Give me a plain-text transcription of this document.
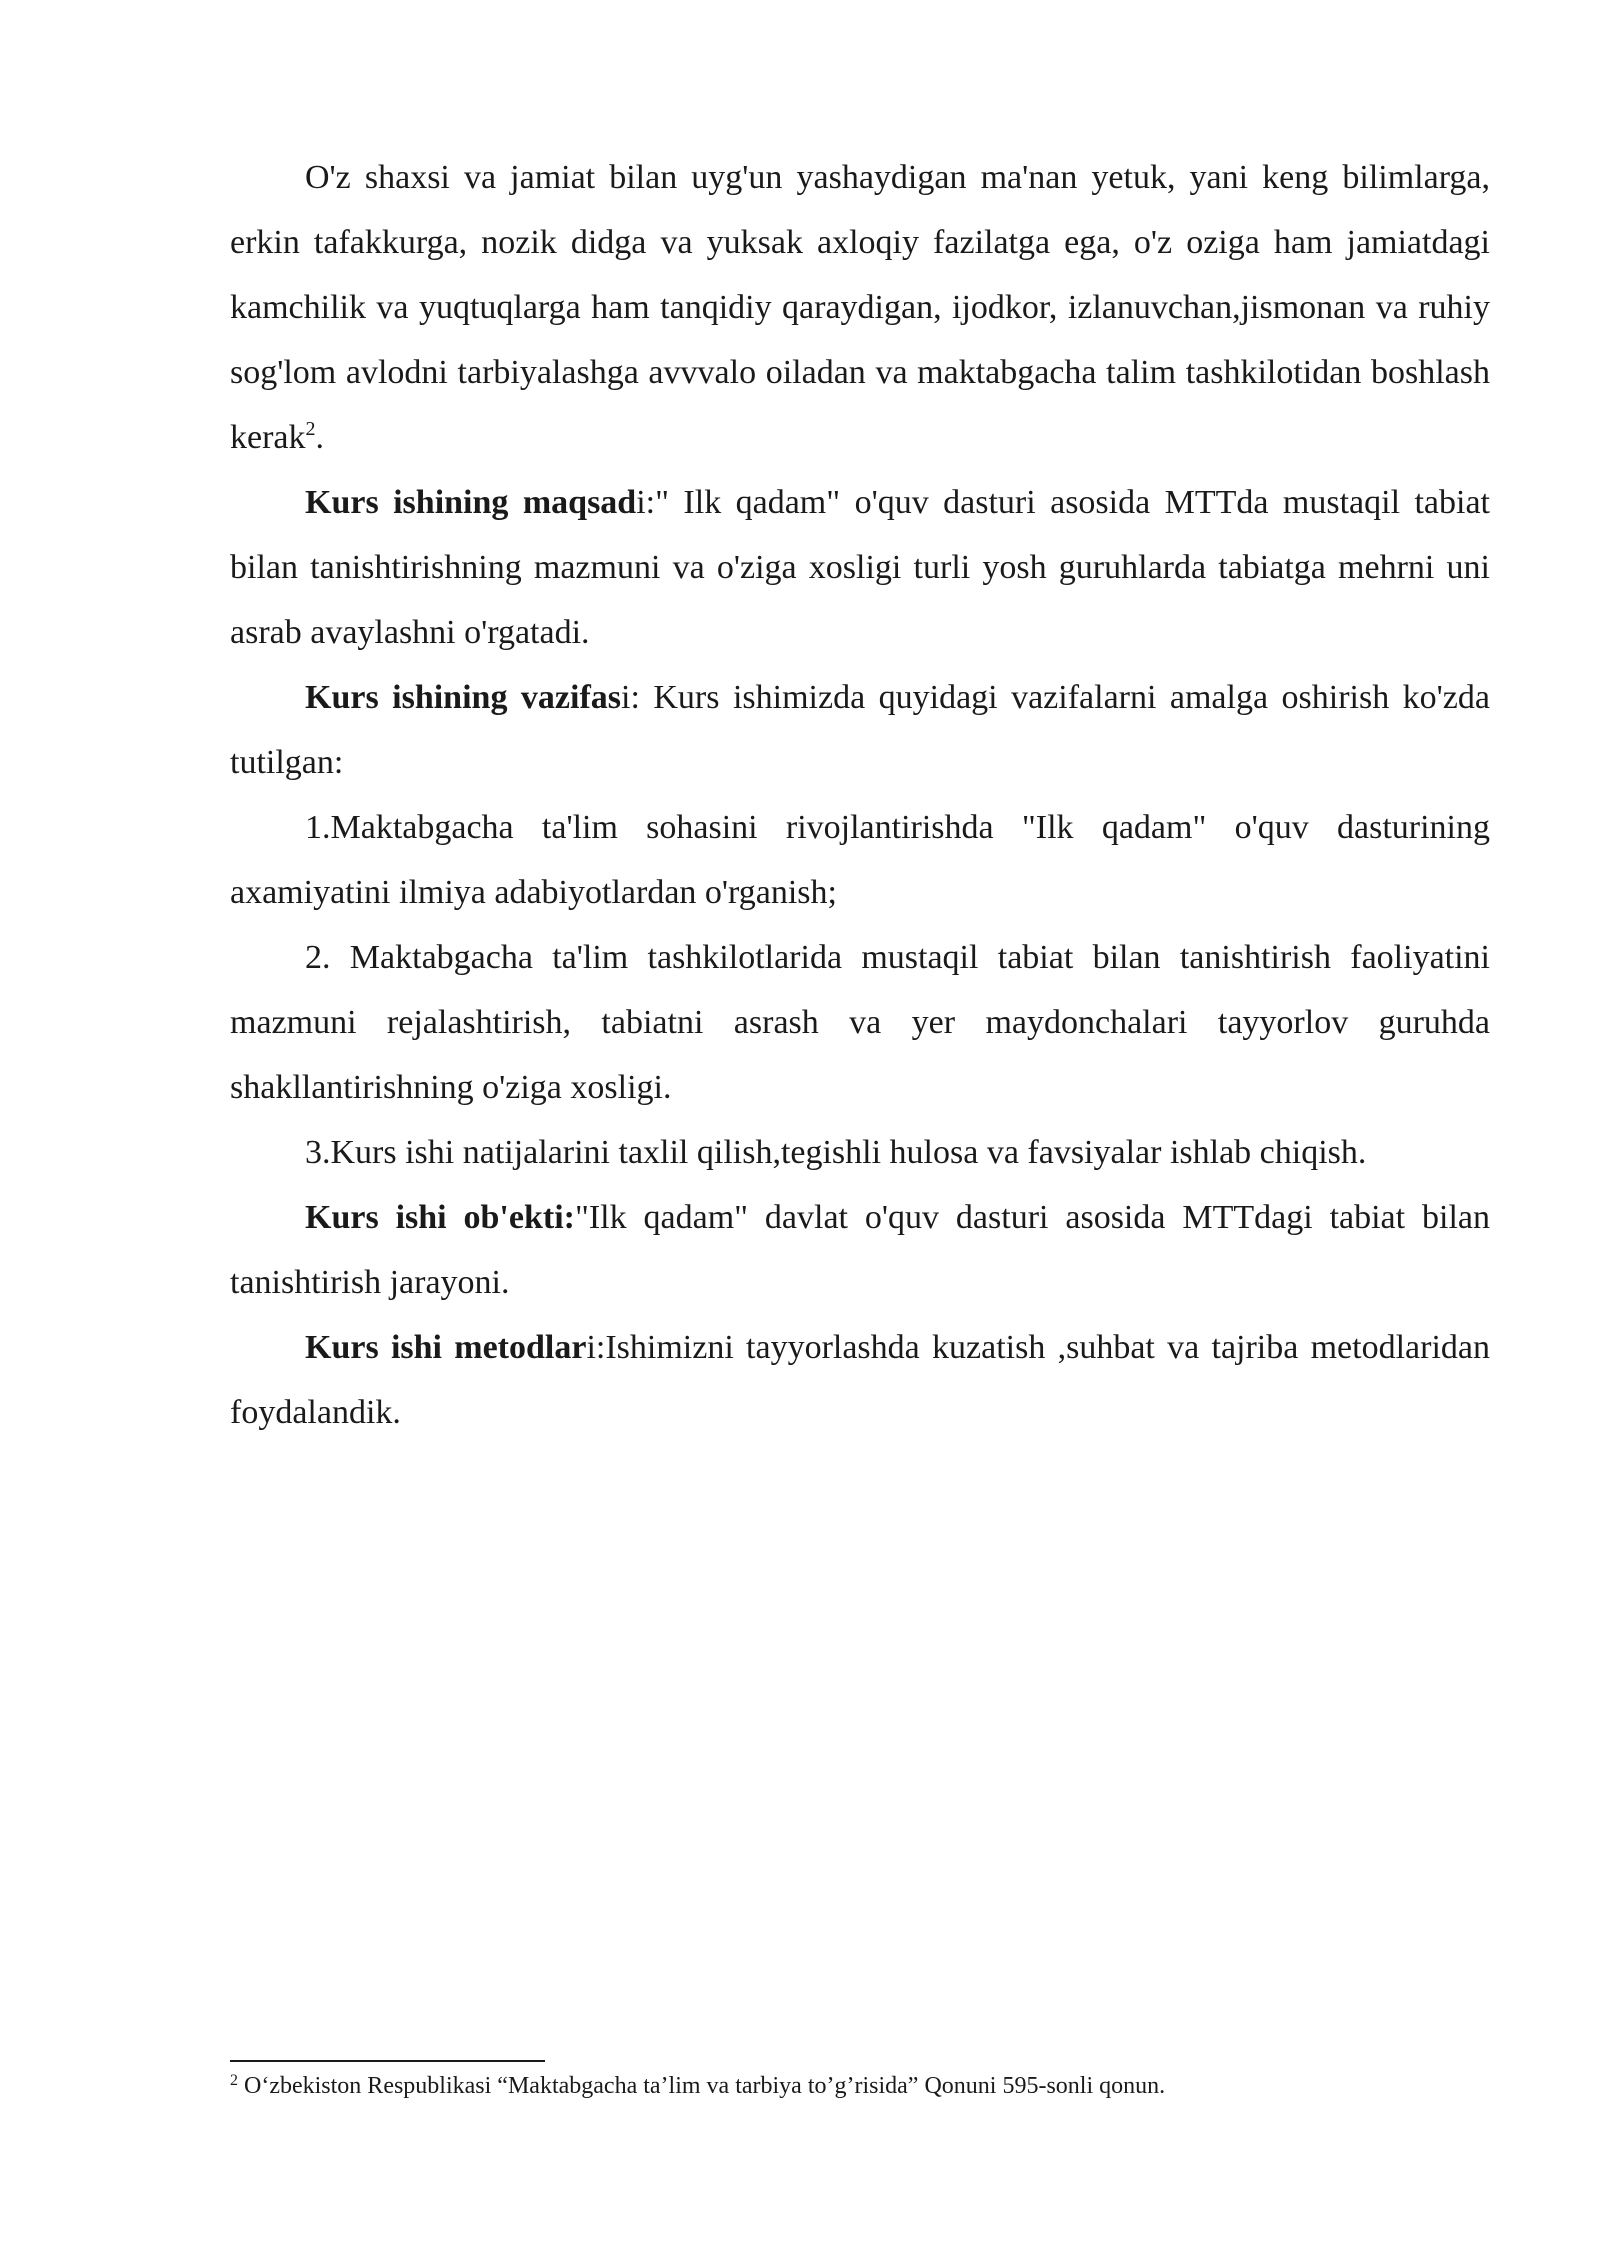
O'z shaxsi va jamiat bilan uyg'un yashaydigan ma'nan yetuk, yani keng bilimlarga, erkin tafakkurga, nozik didga va yuksak axloqiy fazilatga ega, o'z oziga ham jamiatdagi kamchilik va yuqtuqlarga ham tanqidiy qaraydigan, ijodkor, izlanuvchan,jismonan va ruhiy sog'lom avlodni tarbiyalashga avvvalo oiladan va maktabgacha talim tashkilotidan boshlash kerak$^2$.

Kurs ishining maqsadi:" Ilk qadam" o'quv dasturi asosida MTTda mustaqil tabiat bilan tanishtirishning mazmuni va o'ziga xosligi turli yosh guruhlarda tabiatga mehrni uni asrab avaylashni o'rgatadi.

Kurs ishining vazifasi: Kurs ishimizda quyidagi vazifalarni amalga oshirish ko'zda tutilgan:

1.Maktabgacha ta'lim sohasini rivojlantirishda "Ilk qadam" o'quv dasturining axamiyatini ilmiya adabiyotlardan o'rganish;

2. Maktabgacha ta'lim tashkilotlarida mustaqil tabiat bilan tanishtirish faoliyatini mazmuni rejalashtirish, tabiatni asrash va yer maydonchalari tayyorlov guruhda shakllantirishning o'ziga xosligi.

3.Kurs ishi natijalarini taxlil qilish,tegishli hulosa va favsiyalar ishlab chiqish.

Kurs ishi ob'ekti:"Ilk qadam" davlat o'quv dasturi asosida MTTdagi tabiat bilan tanishtirish jarayoni.

Kurs ishi metodlari:Ishimizni tayyorlashda kuzatish ,suhbat va tajriba metodlaridan foydalandik.

$^2$ O‘zbekiston Respublikasi “Maktabgacha ta’lim va tarbiya to’g’risida” Qonuni 595-sonli qonun.
